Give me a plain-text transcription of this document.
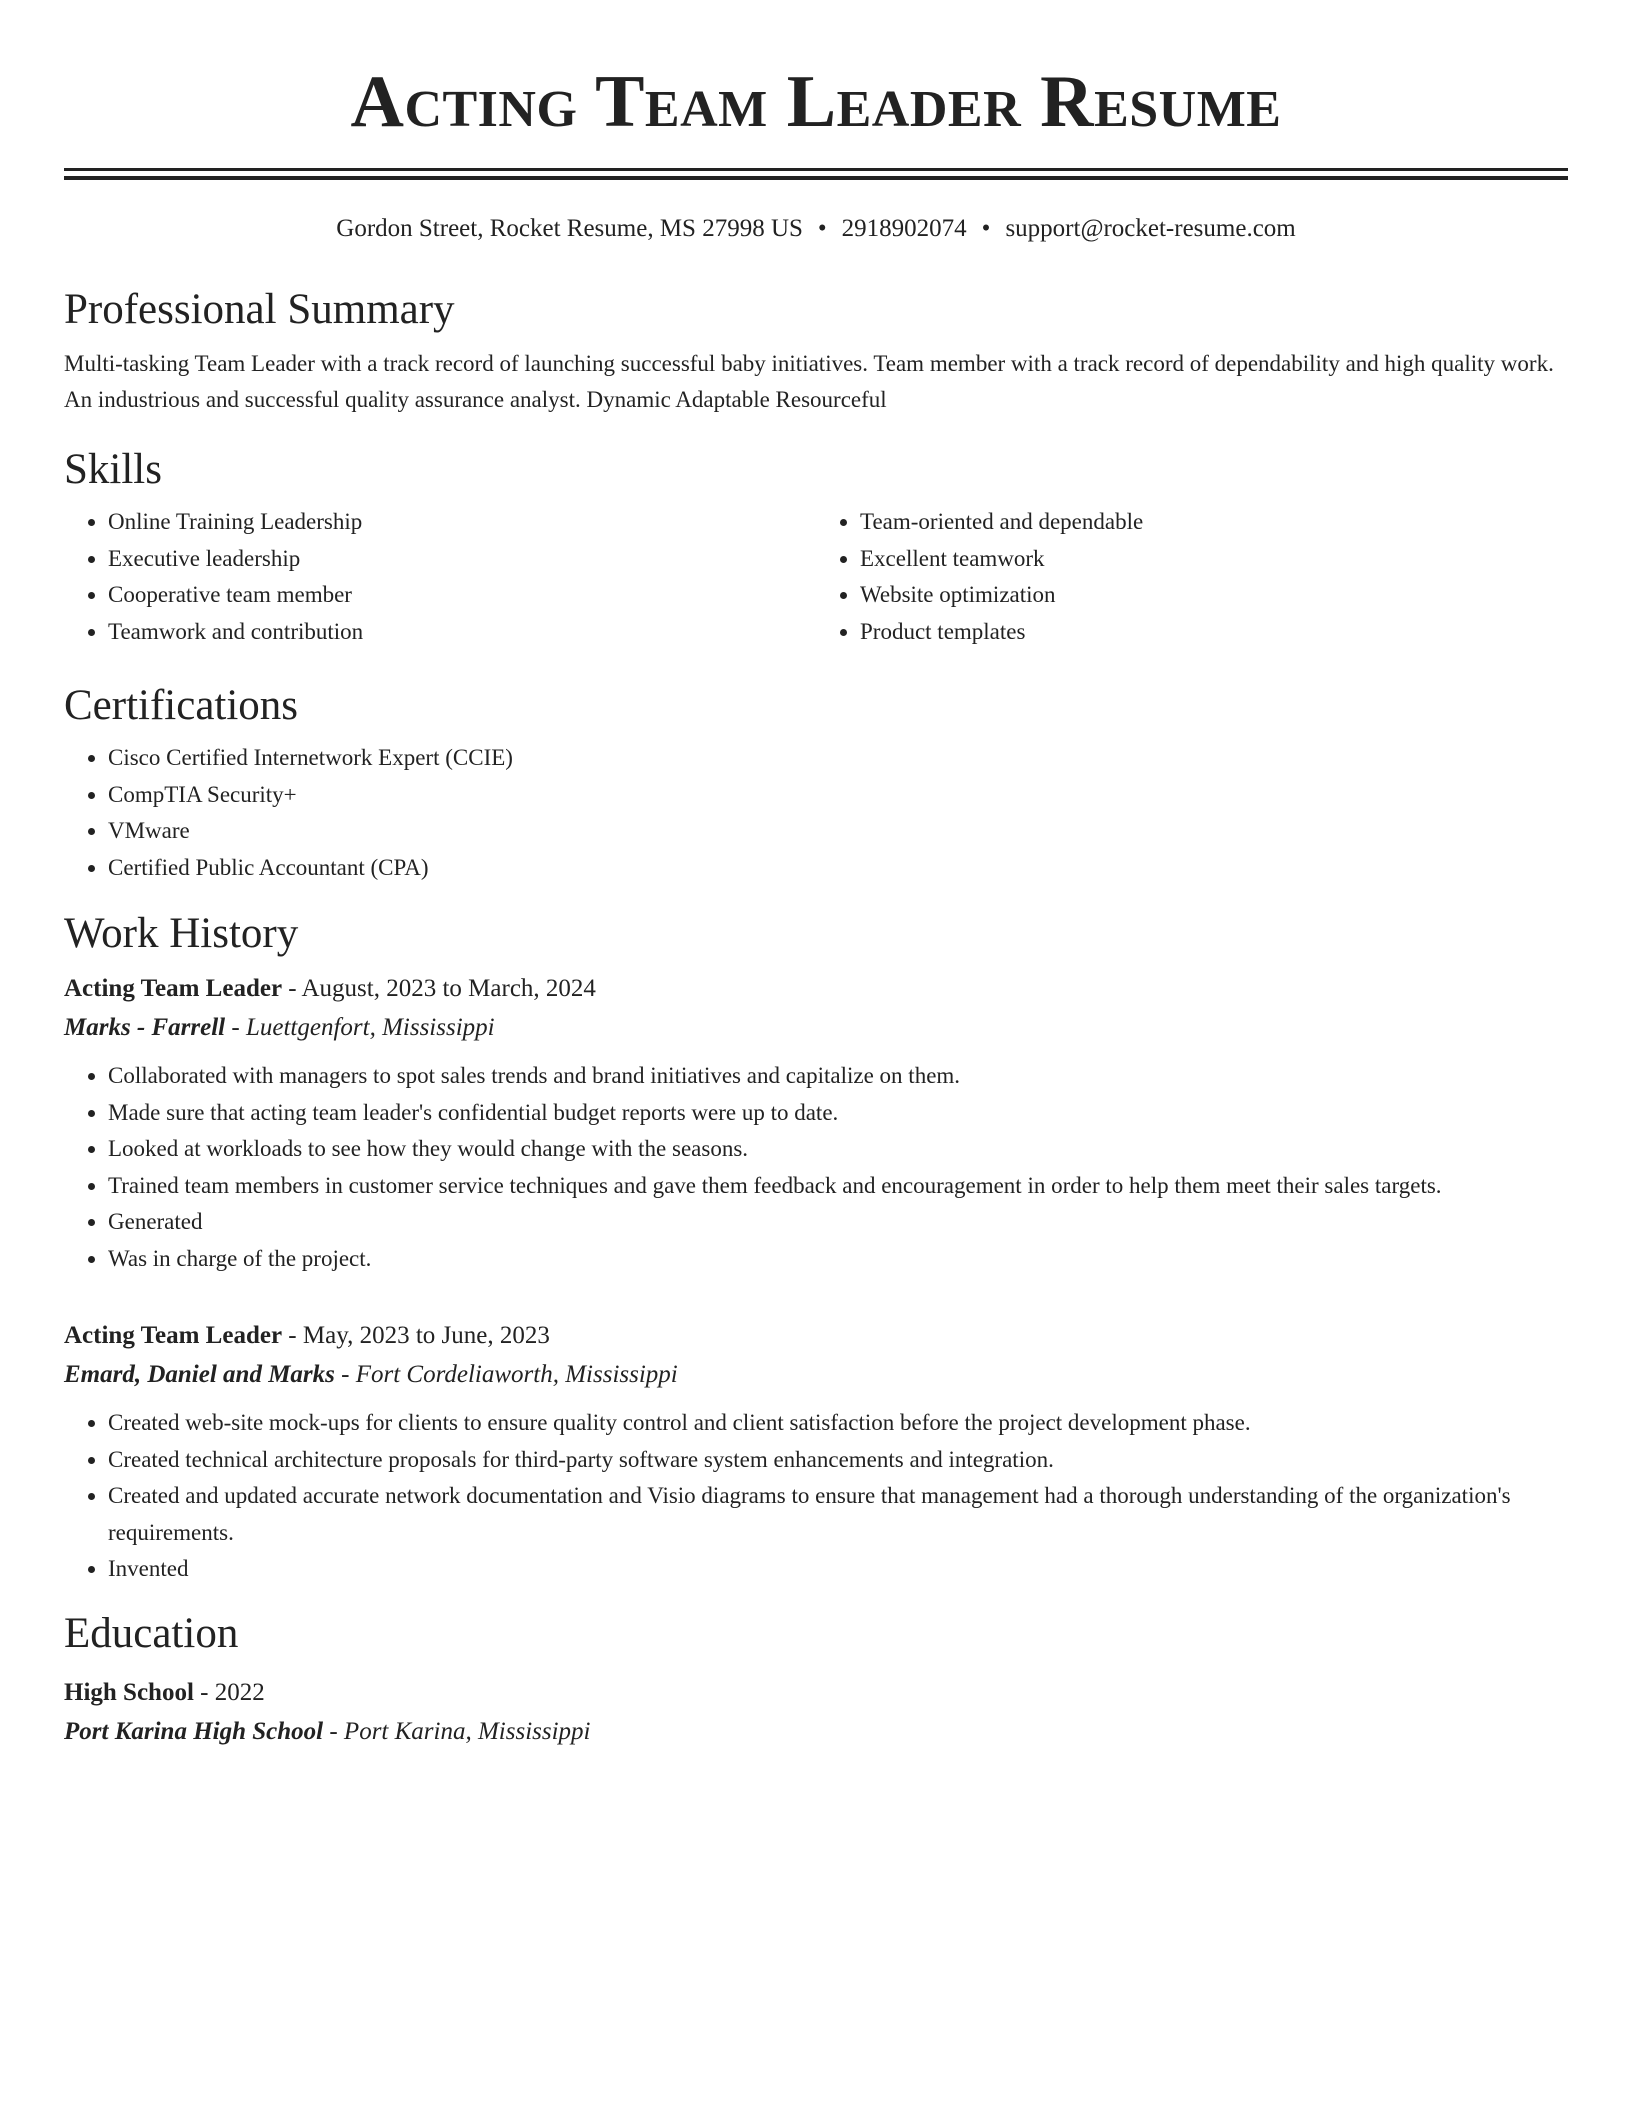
Acting Team Leader Resume
Gordon Street, Rocket Resume, MS 27998 US • 2918902074 • support@rocket-resume.com
Professional Summary

Multi-tasking Team Leader with a track record of launching successful baby initiatives. Team member with a track record of dependability and high quality work. An industrious and successful quality assurance analyst. Dynamic Adaptable Resourceful

Skills
• Online Training Leadership
• Executive leadership
• Cooperative team member
• Teamwork and contribution
• Team-oriented and dependable
• Excellent teamwork
• Website optimization
• Product templates
Certifications
• Cisco Certified Internetwork Expert (CCIE)
• CompTIA Security+
• VMware
• Certified Public Accountant (CPA)
Work History
Acting Team Leader - August, 2023 to March, 2024
Marks - Farrell - Luettgenfort, Mississippi
• Collaborated with managers to spot sales trends and brand initiatives and capitalize on them.
• Made sure that acting team leader's confidential budget reports were up to date.
• Looked at workloads to see how they would change with the seasons.
• Trained team members in customer service techniques and gave them feedback and encouragement in order to help them meet their sales targets.
• Generated
• Was in charge of the project.
Acting Team Leader - May, 2023 to June, 2023
Emard, Daniel and Marks - Fort Cordeliaworth, Mississippi
• Created web-site mock-ups for clients to ensure quality control and client satisfaction before the project development phase.
• Created technical architecture proposals for third-party software system enhancements and integration.
• Created and updated accurate network documentation and Visio diagrams to ensure that management had a thorough understanding of the organization's requirements.
• Invented
Education
High School - 2022
Port Karina High School - Port Karina, Mississippi
